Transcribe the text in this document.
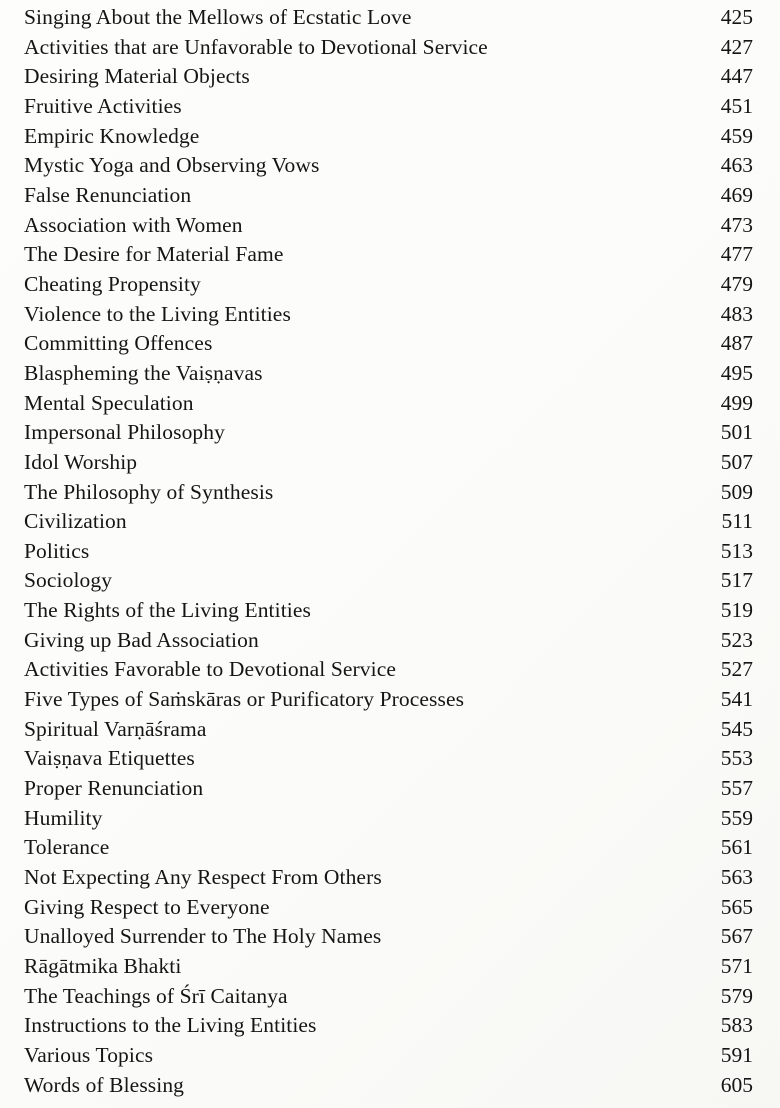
Singing About the Mellows of Ecstatic Love	425
Activities that are Unfavorable to Devotional Service	427
Desiring Material Objects	447
Fruitive Activities	451
Empiric Knowledge	459
Mystic Yoga and Observing Vows	463
False Renunciation	469
Association with Women	473
The Desire for Material Fame	477
Cheating Propensity	479
Violence to the Living Entities	483
Committing Offences	487
Blaspheming the Vaiṣṇavas	495
Mental Speculation	499
Impersonal Philosophy	501
Idol Worship	507
The Philosophy of Synthesis	509
Civilization	511
Politics	513
Sociology	517
The Rights of the Living Entities	519
Giving up Bad Association	523
Activities Favorable to Devotional Service	527
Five Types of Saṁskāras or Purificatory Processes	541
Spiritual Varṇāśrama	545
Vaiṣṇava Etiquettes	553
Proper Renunciation	557
Humility	559
Tolerance	561
Not Expecting Any Respect From Others	563
Giving Respect to Everyone	565
Unalloyed Surrender to The Holy Names	567
Rāgātmika Bhakti	571
The Teachings of Śrī Caitanya	579
Instructions to the Living Entities	583
Various Topics	591
Words of Blessing	605
